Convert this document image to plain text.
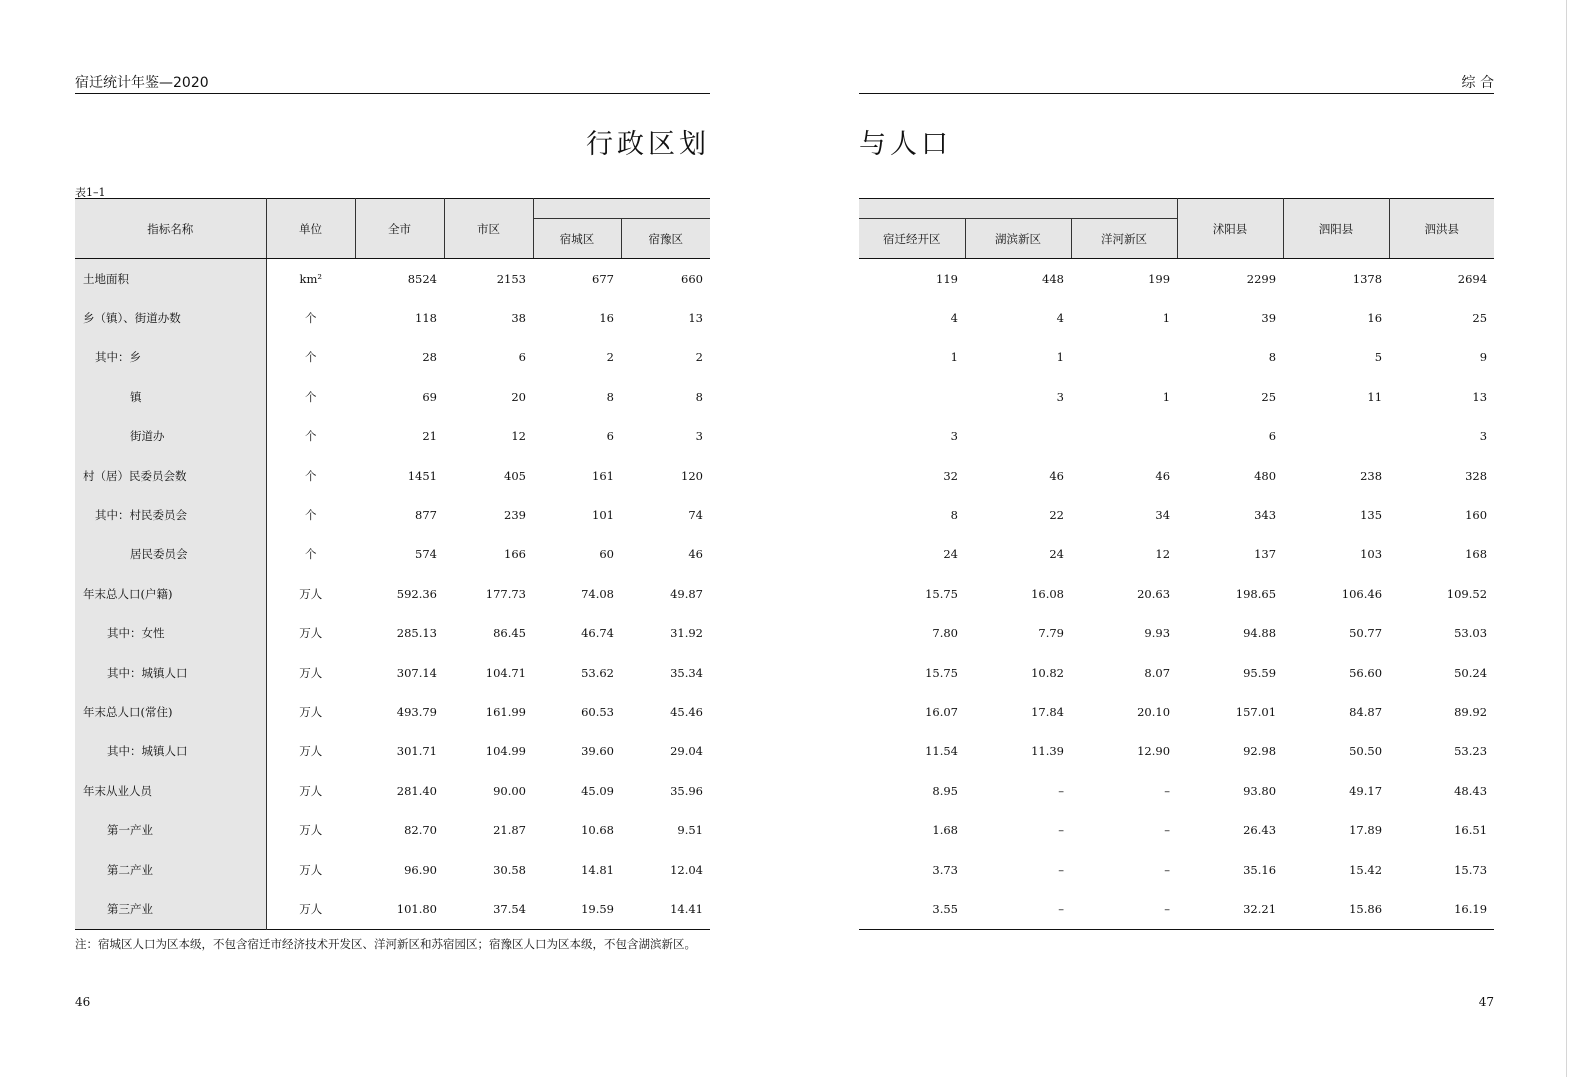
宿迁统计年鉴—2020
行政区划
表1–1
指标名称	单位	全市	市区		
				宿城区	宿豫区
土地面积	km²	8524	2153	677	660
乡（镇）、街道办数	个	118	38	16	13
其中：乡	个	28	6	2	2
镇	个	69	20	8	8
街道办	个	21	12	6	3
村（居）民委员会数	个	1451	405	161	120
其中：村民委员会	个	877	239	101	74
居民委员会	个	574	166	60	46
年末总人口(户籍)	万人	592.36	177.73	74.08	49.87
其中：女性	万人	285.13	86.45	46.74	31.92
其中：城镇人口	万人	307.14	104.71	53.62	35.34
年末总人口(常住)	万人	493.79	161.99	60.53	45.46
其中：城镇人口	万人	301.71	104.99	39.60	29.04
年末从业人员	万人	281.40	90.00	45.09	35.96
第一产业	万人	82.70	21.87	10.68	9.51
第二产业	万人	96.90	30.58	14.81	12.04
第三产业	万人	101.80	37.54	19.59	14.41
注：宿城区人口为区本级，不包含宿迁市经济技术开发区、洋河新区和苏宿园区；宿豫区人口为区本级，不包含湖滨新区。
46
综 合
与人口
			沭阳县	泗阳县	泗洪县
宿迁经开区	湖滨新区	洋河新区			
119	448	199	2299	1378	2694
4	4	1	39	16	25
1	1		8	5	9
	3	1	25	11	13
3			6		3
32	46	46	480	238	328
8	22	34	343	135	160
24	24	12	137	103	168
15.75	16.08	20.63	198.65	106.46	109.52
7.80	7.79	9.93	94.88	50.77	53.03
15.75	10.82	8.07	95.59	56.60	50.24
16.07	17.84	20.10	157.01	84.87	89.92
11.54	11.39	12.90	92.98	50.50	53.23
8.95	–	–	93.80	49.17	48.43
1.68	–	–	26.43	17.89	16.51
3.73	–	–	35.16	15.42	15.73
3.55	–	–	32.21	15.86	16.19
47
